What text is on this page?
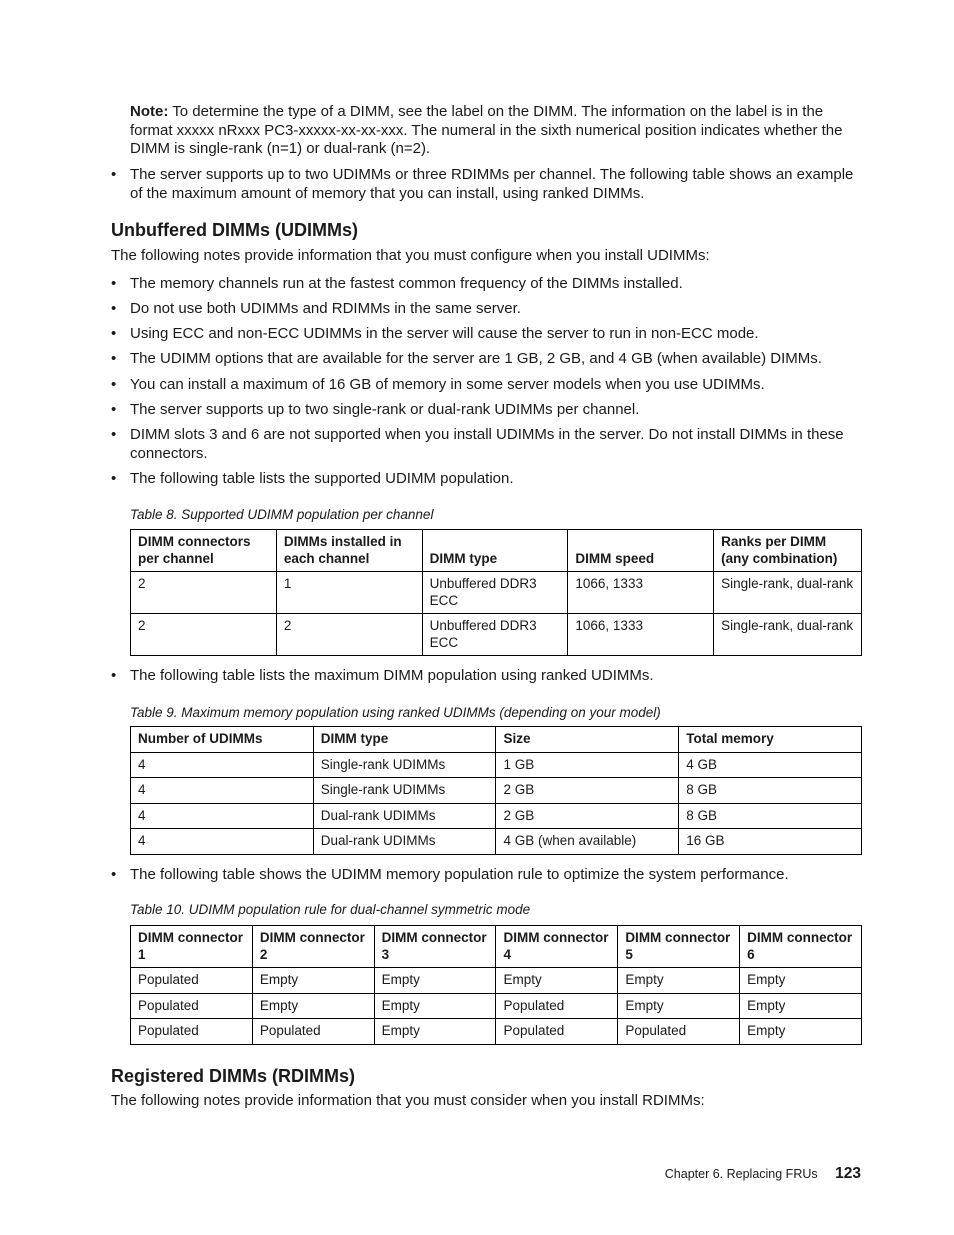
Note: To determine the type of a DIMM, see the label on the DIMM. The information on the label is in the format xxxxx nRxxx PC3-xxxxx-xx-xx-xxx. The numeral in the sixth numerical position indicates whether the DIMM is single-rank (n=1) or dual-rank (n=2).
• The server supports up to two UDIMMs or three RDIMMs per channel. The following table shows an example of the maximum amount of memory that you can install, using ranked DIMMs.
Unbuffered DIMMs (UDIMMs)
The following notes provide information that you must configure when you install UDIMMs:
• The memory channels run at the fastest common frequency of the DIMMs installed.
• Do not use both UDIMMs and RDIMMs in the same server.
• Using ECC and non-ECC UDIMMs in the server will cause the server to run in non-ECC mode.
• The UDIMM options that are available for the server are 1 GB, 2 GB, and 4 GB (when available) DIMMs.
• You can install a maximum of 16 GB of memory in some server models when you use UDIMMs.
• The server supports up to two single-rank or dual-rank UDIMMs per channel.
• DIMM slots 3 and 6 are not supported when you install UDIMMs in the server. Do not install DIMMs in these connectors.
• The following table lists the supported UDIMM population.
Table 8. Supported UDIMM population per channel
DIMM connectors per channel	DIMMs installed in each channel	DIMM type	DIMM speed	Ranks per DIMM (any combination)
2	1	Unbuffered DDR3 ECC	1066, 1333	Single-rank, dual-rank
2	2	Unbuffered DDR3 ECC	1066, 1333	Single-rank, dual-rank
• The following table lists the maximum DIMM population using ranked UDIMMs.
Table 9. Maximum memory population using ranked UDIMMs (depending on your model)
Number of UDIMMs	DIMM type	Size	Total memory
4	Single-rank UDIMMs	1 GB	4 GB
4	Single-rank UDIMMs	2 GB	8 GB
4	Dual-rank UDIMMs	2 GB	8 GB
4	Dual-rank UDIMMs	4 GB (when available)	16 GB
• The following table shows the UDIMM memory population rule to optimize the system performance.
Table 10. UDIMM population rule for dual-channel symmetric mode
DIMM connector 1	DIMM connector 2	DIMM connector 3	DIMM connector 4	DIMM connector 5	DIMM connector 6
Populated	Empty	Empty	Empty	Empty	Empty
Populated	Empty	Empty	Populated	Empty	Empty
Populated	Populated	Empty	Populated	Populated	Empty
Registered DIMMs (RDIMMs)
The following notes provide information that you must consider when you install RDIMMs:
Chapter 6. Replacing FRUs 123
